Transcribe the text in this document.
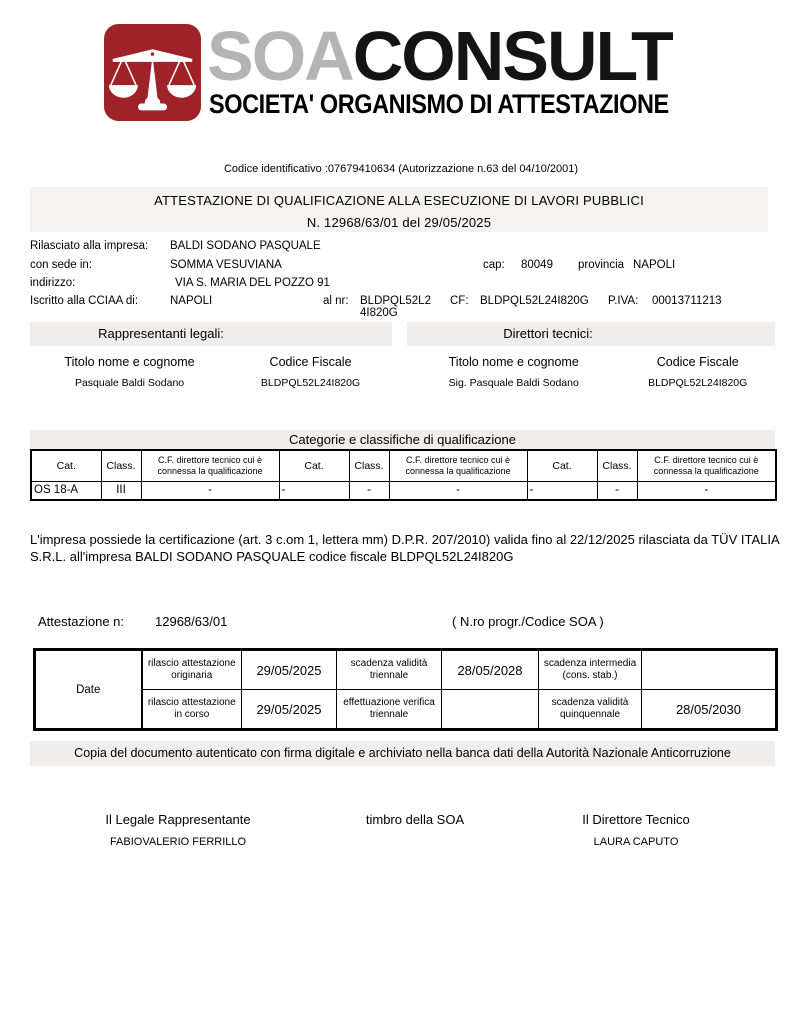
SOACONSULT
SOCIETA' ORGANISMO DI ATTESTAZIONE
Codice identificativo :07679410634 (Autorizzazione n.63 del 04/10/2001)
ATTESTAZIONE DI QUALIFICAZIONE ALLA ESECUZIONE DI LAVORI PUBBLICI
N. 12968/63/01 del 29/05/2025
Rilasciato alla impresa: BALDI SODANO PASQUALE
con sede in:	SOMMA VESUVIANA	cap: 80049 provincia NAPOLI
indirizzo:	VIA S. MARIA DEL POZZO 91
Iscritto alla CCIAA di:	NAPOLI	al nr: BLDPQL52L2
4I820G
CF: BLDPQL52L24I820G P.IVA: 00013711213
Rappresentanti legali:
Titolo nome e cognome	Codice Fiscale
Pasquale Baldi Sodano	BLDPQL52L24I820G
Direttori tecnici:
Titolo nome e cognome	Codice Fiscale
Sig. Pasquale Baldi Sodano	BLDPQL52L24I820G
Categorie e classifiche di qualificazione
Cat.	Class.	C.F. direttore tecnico cui è connessa la qualificazione	Cat.	Class.	C.F. direttore tecnico cui è connessa la qualificazione	Cat.	Class.	C.F. direttore tecnico cui è connessa la qualificazione
OS 18-A	III	-	-	-	-	-	-	-
L'impresa possiede la certificazione (art. 3 c.om 1, lettera mm) D.P.R. 207/2010) valida fino al 22/12/2025 rilasciata da TÜV ITALIA S.R.L. all'impresa BALDI SODANO PASQUALE codice fiscale BLDPQL52L24I820G
Attestazione n: 12968/63/01	( N.ro progr./Codice SOA )
Date	rilascio attestazione originaria	29/05/2025	scadenza validità triennale	28/05/2028	scadenza intermedia (cons. stab.)	
	rilascio attestazione in corso	29/05/2025	effettuazione verifica triennale		scadenza validità quinquennale	28/05/2030
Copia del documento autenticato con firma digitale e archiviato nella banca dati della Autorità Nazionale Anticorruzione
Il Legale Rappresentante
FABIOVALERIO FERRILLO
timbro della SOA	Il Direttore Tecnico
LAURA CAPUTO
